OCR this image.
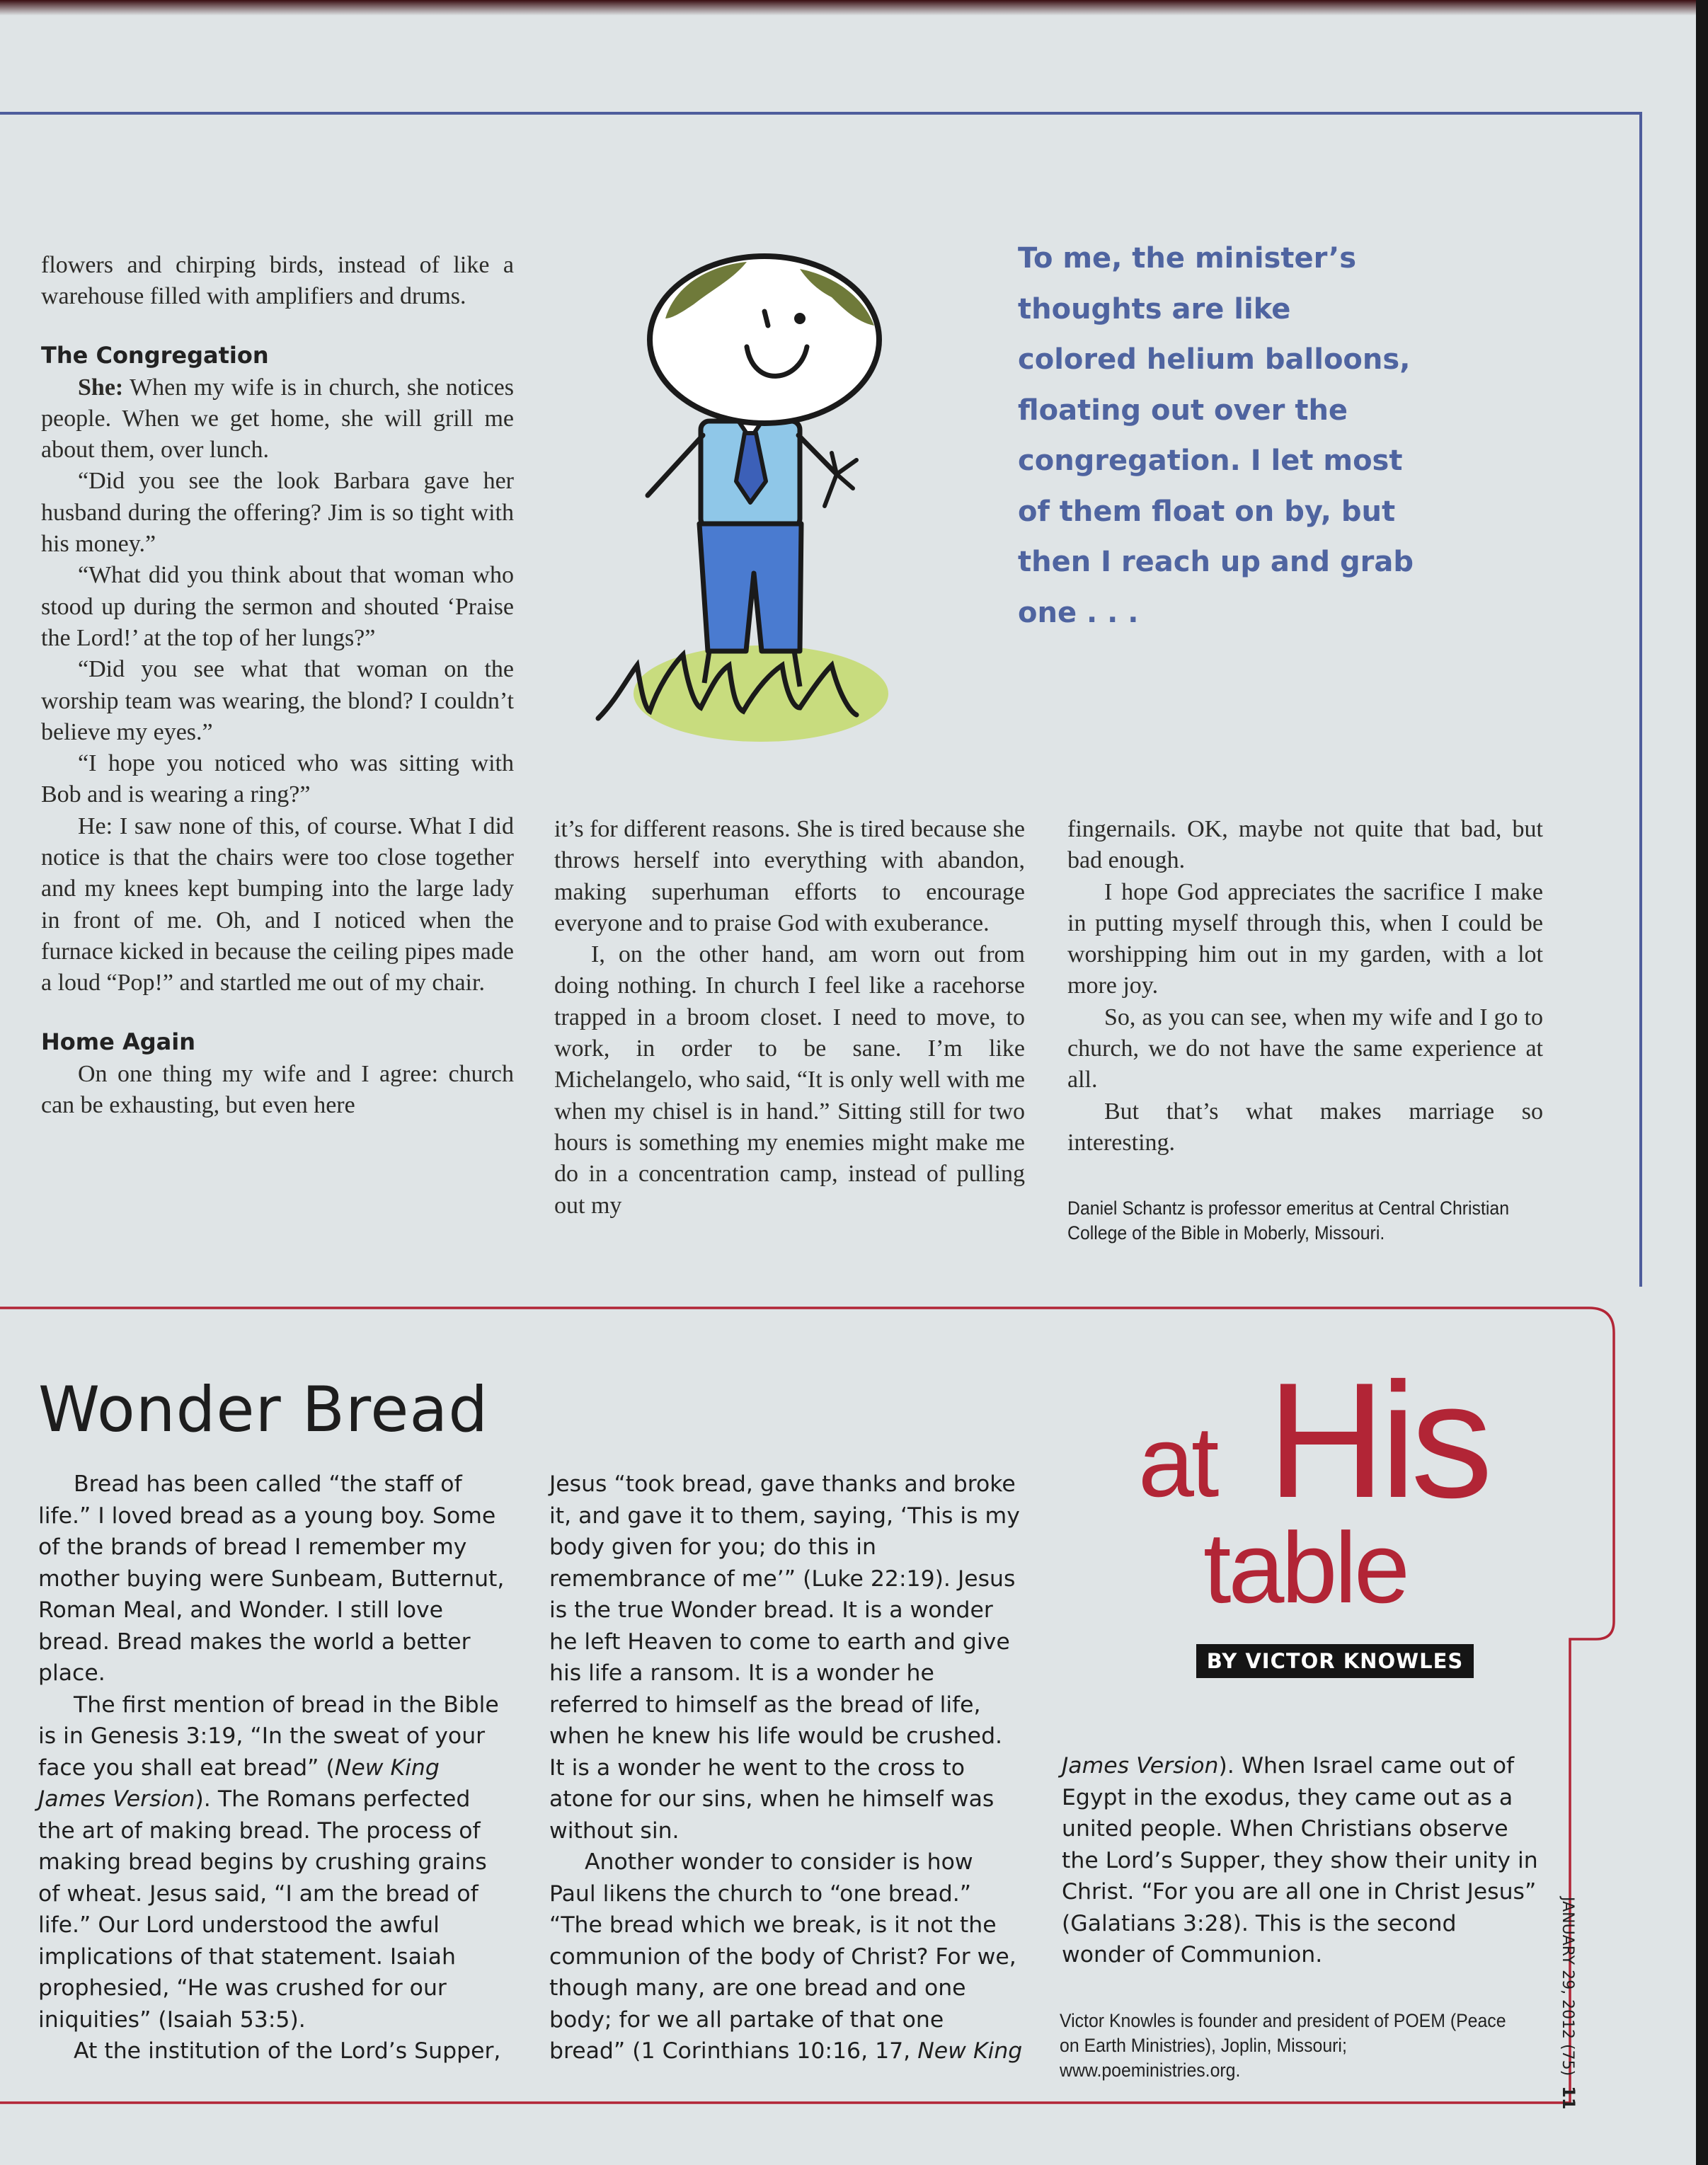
flowers and chirping birds, instead of like a warehouse filled with amplifiers and drums.

The Congregation

She: When my wife is in church, she notices people. When we get home, she will grill me about them, over lunch.

“Did you see the look Barbara gave her husband during the offering? Jim is so tight with his money.”

“What did you think about that woman who stood up during the sermon and shouted ‘Praise the Lord!’ at the top of her lungs?”

“Did you see what that woman on the worship team was wearing, the blond? I couldn’t believe my eyes.”

“I hope you noticed who was sitting with Bob and is wearing a ring?”

He: I saw none of this, of course. What I did notice is that the chairs were too close together and my knees kept bumping into the large lady in front of me. Oh, and I noticed when the furnace kicked in because the ceiling pipes made a loud “Pop!” and startled me out of my chair.

Home Again

On one thing my wife and I agree: church can be exhausting, but even here

To me, the minister’s thoughts are like colored helium balloons, floating out over the congregation. I let most of them float on by, but then I reach up and grab one . . .

it’s for different reasons. She is tired because she throws herself into everything with abandon, making superhuman efforts to encourage everyone and to praise God with exuberance.

I, on the other hand, am worn out from doing nothing. In church I feel like a racehorse trapped in a broom closet. I need to move, to work, in order to be sane. I’m like Michelangelo, who said, “It is only well with me when my chisel is in hand.” Sitting still for two hours is something my enemies might make me do in a concentration camp, instead of pulling out my

fingernails. OK, maybe not quite that bad, but bad enough.

I hope God appreciates the sacrifice I make in putting myself through this, when I could be worshipping him out in my garden, with a lot more joy.

So, as you can see, when my wife and I go to church, we do not have the same experience at all.

But that’s what makes marriage so interesting.

Daniel Schantz is professor emeritus at Central Christian College of the Bible in Moberly, Missouri.
Wonder Bread

Bread has been called “the staff of life.” I loved bread as a young boy. Some of the brands of bread I remember my mother buying were Sunbeam, Butternut, Roman Meal, and Wonder. I still love bread. Bread makes the world a better place.

The first mention of bread in the Bible is in Genesis 3:19, “In the sweat of your face you shall eat bread” (New King James Version). The Romans perfected the art of making bread. The process of making bread begins by crushing grains of wheat. Jesus said, “I am the bread of life.” Our Lord understood the awful implications of that statement. Isaiah prophesied, “He was crushed for our iniquities” (Isaiah 53:5).

At the institution of the Lord’s Supper,

Jesus “took bread, gave thanks and broke it, and gave it to them, saying, ‘This is my body given for you; do this in remembrance of me’” (Luke 22:19). Jesus is the true Wonder bread. It is a wonder he left Heaven to come to earth and give his life a ransom. It is a wonder he referred to himself as the bread of life, when he knew his life would be crushed. It is a wonder he went to the cross to atone for our sins, when he himself was without sin.

Another wonder to consider is how Paul likens the church to “one bread.” “The bread which we break, is it not the communion of the body of Christ? For we, though many, are one bread and one body; for we all partake of that one bread” (1 Corinthians 10:16, 17, New King

at His
table
BY VICTOR KNOWLES

James Version). When Israel came out of Egypt in the exodus, they came out as a united people. When Christians observe the Lord’s Supper, they show their unity in Christ. “For you are all one in Christ Jesus” (Galatians 3:28). This is the second wonder of Communion.

Victor Knowles is founder and president of POEM (Peace on Earth Ministries), Joplin, Missouri; www.poeministries.org.	JANUARY 29, 2012 (75)11
